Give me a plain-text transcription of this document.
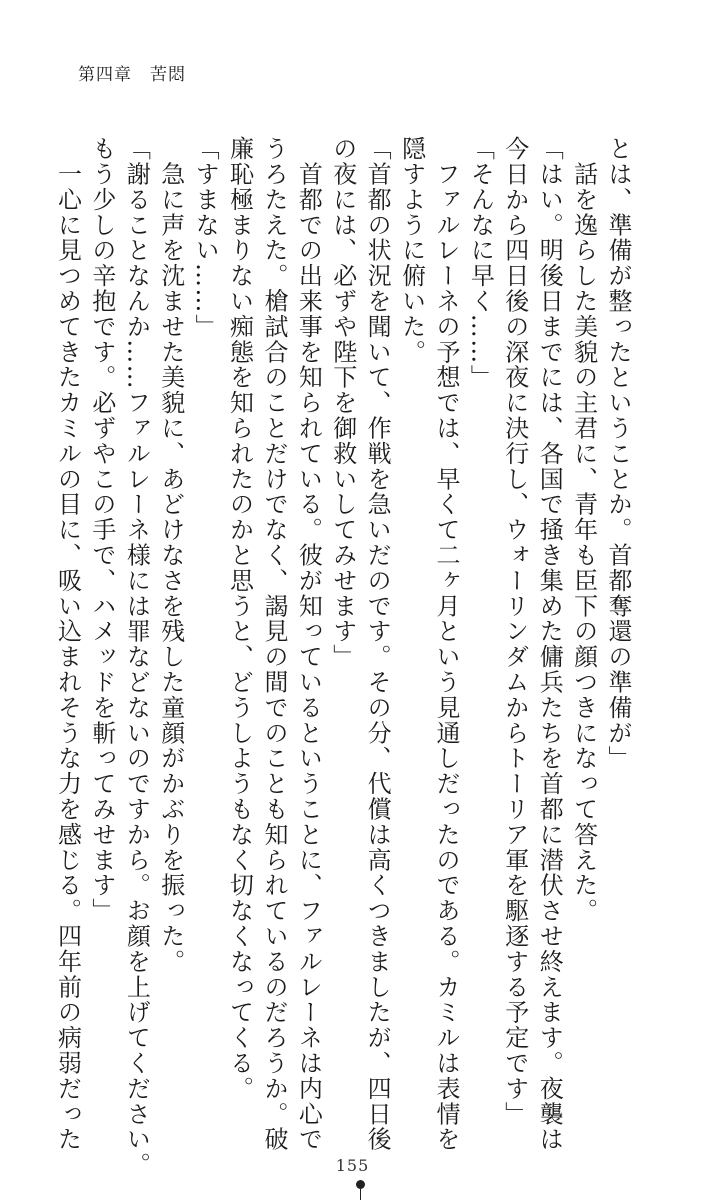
第四章　苦悶

とは、準備が整ったということか。首都奪還の準備が」

　話を逸らした美貌の主君に、青年も臣下の顔つきになって答えた。

「はい。明後日までには、各国で掻き集めた傭兵たちを首都に潜伏させ終えます。夜襲は

今日から四日後の深夜に決行し、ウォーリンダムからトーリア軍を駆逐する予定です」

「そんなに早く……」

　ファルレーネの予想では、早くて二ヶ月という見通しだったのである。カミルは表情を

隠すように俯いた。

「首都の状況を聞いて、作戦を急いだのです。その分、代償は高くつきましたが、四日後

の夜には、必ずや陛下を御救いしてみせます」

　首都での出来事を知られている。彼が知っているということに、ファルレーネは内心で

うろたえた。槍試合のことだけでなく、謁見の間でのことも知られているのだろうか。破

廉恥極まりない痴態を知られたのかと思うと、どうしようもなく切なくなってくる。

「すまない……」

　急に声を沈ませた美貌に、あどけなさを残した童顔がかぶりを振った。

「謝ることなんか……ファルレーネ様には罪などないのですから。お顔を上げてください。

もう少しの辛抱です。必ずやこの手で、ハメッドを斬ってみせます」

　一心に見つめてきたカミルの目に、吸い込まれそうな力を感じる。四年前の病弱だった

155
